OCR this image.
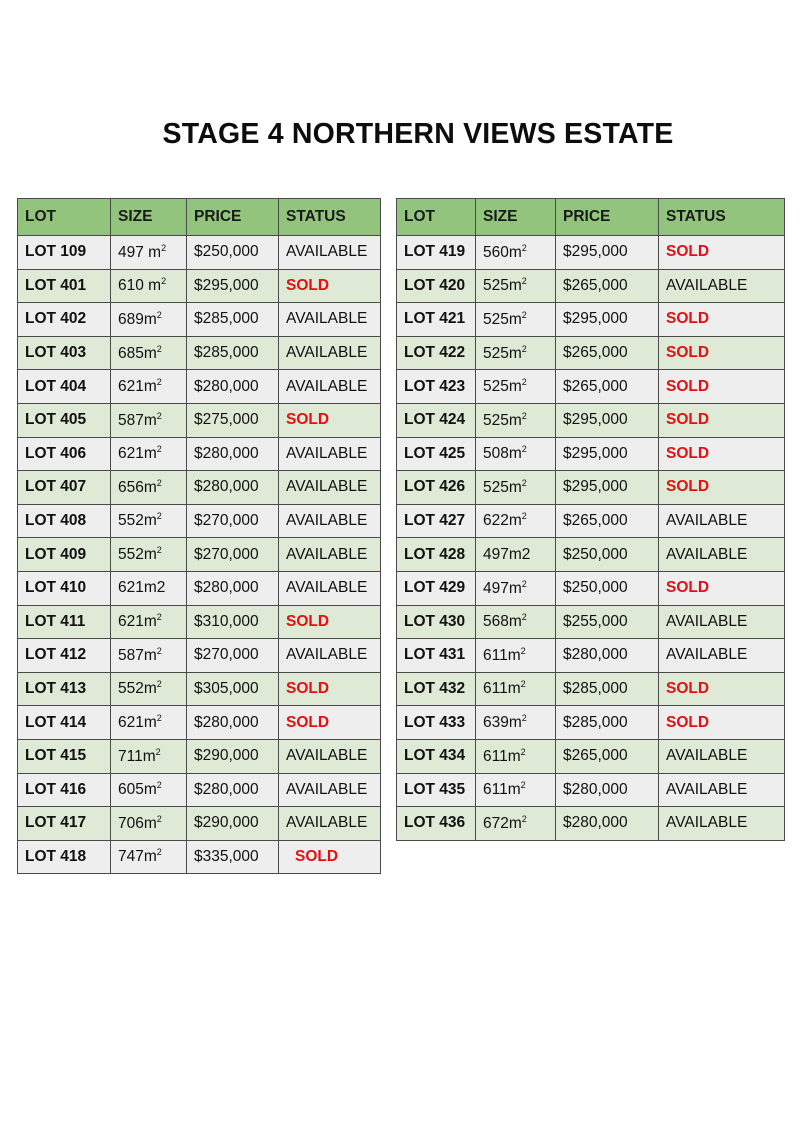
STAGE 4 NORTHERN VIEWS ESTATE
LOT	SIZE	PRICE	STATUS
LOT 109	497 $m^2$	$250,000	AVAILABLE
LOT 401	610 $m^2$	$295,000	SOLD
LOT 402	$689m^2$	$285,000	AVAILABLE
LOT 403	$685m^2$	$285,000	AVAILABLE
LOT 404	$621m^2$	$280,000	AVAILABLE
LOT 405	$587m^2$	$275,000	SOLD
LOT 406	$621m^2$	$280,000	AVAILABLE
LOT 407	$656m^2$	$280,000	AVAILABLE
LOT 408	$552m^2$	$270,000	AVAILABLE
LOT 409	$552m^2$	$270,000	AVAILABLE
LOT 410	621m2	$280,000	AVAILABLE
LOT 411	$621m^2$	$310,000	SOLD
LOT 412	$587m^2$	$270,000	AVAILABLE
LOT 413	$552m^2$	$305,000	SOLD
LOT 414	$621m^2$	$280,000	SOLD
LOT 415	$711m^2$	$290,000	AVAILABLE
LOT 416	$605m^2$	$280,000	AVAILABLE
LOT 417	$706m^2$	$290,000	AVAILABLE
LOT 418	$747m^2$	$335,000	SOLD
LOT	SIZE	PRICE	STATUS
LOT 419	$560m^2$	$295,000	SOLD
LOT 420	$525m^2$	$265,000	AVAILABLE
LOT 421	$525m^2$	$295,000	SOLD
LOT 422	$525m^2$	$265,000	SOLD
LOT 423	$525m^2$	$265,000	SOLD
LOT 424	$525m^2$	$295,000	SOLD
LOT 425	$508m^2$	$295,000	SOLD
LOT 426	$525m^2$	$295,000	SOLD
LOT 427	$622m^2$	$265,000	AVAILABLE
LOT 428	497m2	$250,000	AVAILABLE
LOT 429	$497m^2$	$250,000	SOLD
LOT 430	$568m^2$	$255,000	AVAILABLE
LOT 431	$611m^2$	$280,000	AVAILABLE
LOT 432	$611m^2$	$285,000	SOLD
LOT 433	$639m^2$	$285,000	SOLD
LOT 434	$611m^2$	$265,000	AVAILABLE
LOT 435	$611m^2$	$280,000	AVAILABLE
LOT 436	$672m^2$	$280,000	AVAILABLE
